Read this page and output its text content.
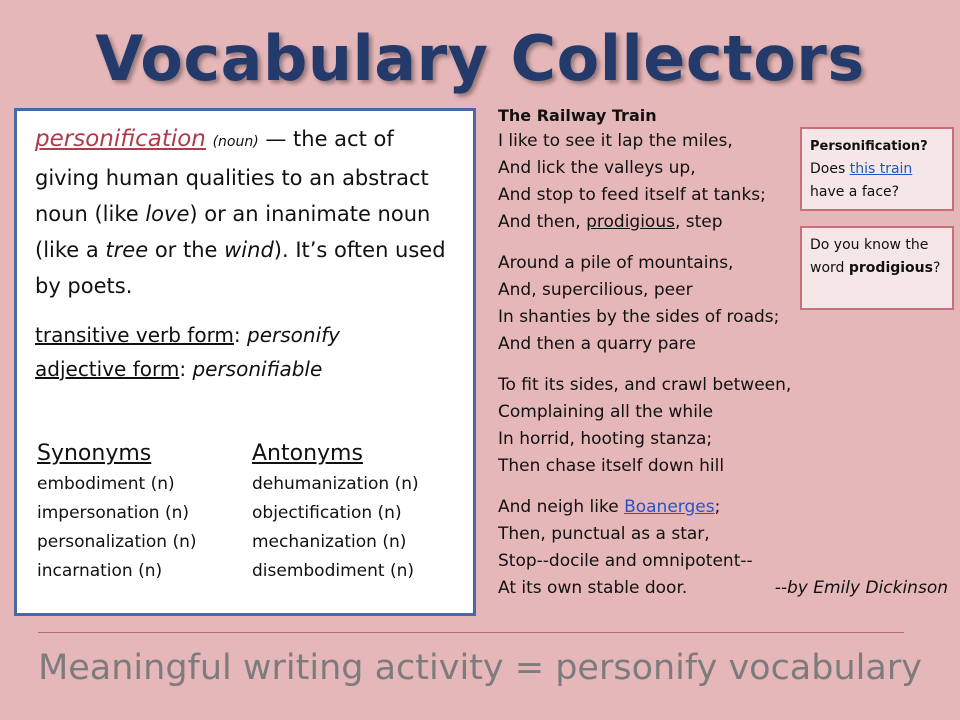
Vocabulary Collectors
personification (noun) — the act of giving human qualities to an abstract noun (like love) or an inanimate noun (like a tree or the wind). It’s often used by poets.
transitive verb form: personify
adjective form: personifiable
Synonyms
embodiment (n)
impersonation (n)
personalization (n)
incarnation (n)
Antonyms
dehumanization (n)
objectification (n)
mechanization (n)
disembodiment (n)
The Railway Train
I like to see it lap the miles,
And lick the valleys up,
And stop to feed itself at tanks;
And then, prodigious, step
Around a pile of mountains,
And, supercilious, peer
In shanties by the sides of roads;
And then a quarry pare
To fit its sides, and crawl between,
Complaining all the while
In horrid, hooting stanza;
Then chase itself down hill
And neigh like Boanerges;
Then, punctual as a star,
Stop--docile and omnipotent--
At its own stable door.	--by Emily Dickinson
Personification?
Does this train have a face?
Do you know the word prodigious?
Meaningful writing activity = personify vocabulary
